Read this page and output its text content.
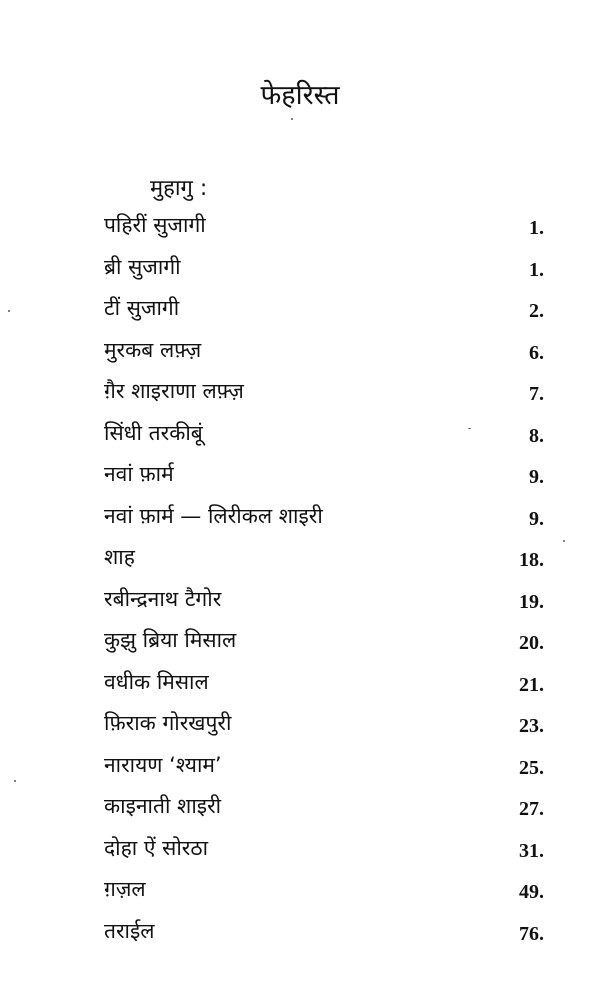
फेहरिस्त
मुहागु :
पहिरीं सुजागी	1.
ब्री सुजागी	1.
टीं सुजागी	2.
मुरकब लफ़्ज़	6.
ग़ैर शाइराणा लफ़्ज़	7.
सिंधी तरकीबूं	8.
नवां फ़ार्म	9.
नवां फ़ार्म — लिरीकल शाइरी	9.
शाह	18.
रबीन्द्रनाथ टैगोर	19.
कुझु ब्रिया मिसाल	20.
वधीक मिसाल	21.
फ़िराक गोरखपुरी	23.
नारायण ‘श्याम’	25.
काइनाती शाइरी	27.
दोहा ऐं सोरठा	31.
ग़ज़ल	49.
तराईल	76.
